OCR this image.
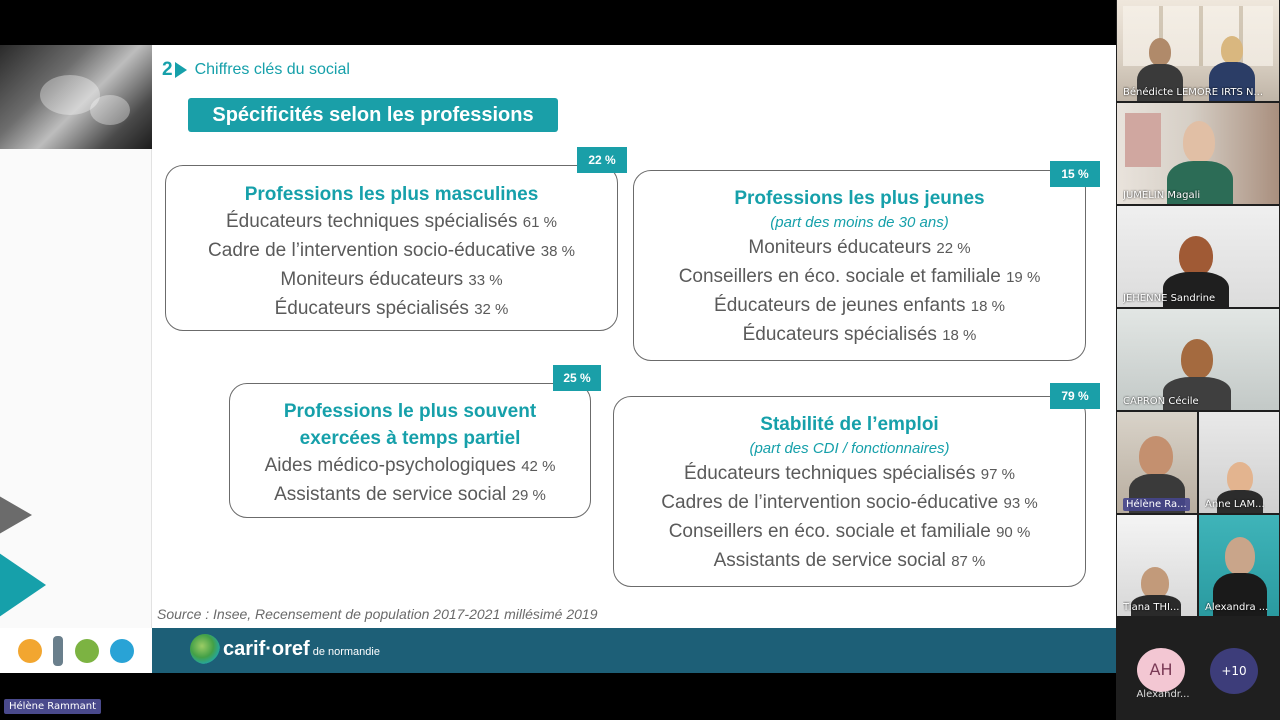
2 Chiffres clés du social
Spécificités selon les professions
Professions les plus masculines
Éducateurs techniques spécialisés 61 %
Cadre de l’intervention socio-éducative 38 %
Moniteurs éducateurs 33 %
Éducateurs spécialisés 32 %
22 %
Professions les plus jeunes
(part des moins de 30 ans)
Moniteurs éducateurs 22 %
Conseillers en éco. sociale et familiale 19 %
Éducateurs de jeunes enfants 18 %
Éducateurs spécialisés 18 %
15 %
Professions le plus souvent
exercées à temps partiel
Aides médico-psychologiques 42 %
Assistants de service social 29 %
25 %
Stabilité de l’emploi
(part des CDI / fonctionnaires)
Éducateurs techniques spécialisés 97 %
Cadres de l’intervention socio-éducative 93 %
Conseillers en éco. sociale et familiale 90 %
Assistants de service social 87 %
79 %
Source : Insee, Recensement de population 2017-2021 millésimé 2019
carif·oref de normandie
Hélène Rammant
Bénédicte LEMORE IRTS N...
JUMELIN Magali
JEHENNE Sandrine
CAPRON Cécile
Hélène Ra...	Anne LAM...
Tiana THI...	Alexandra ...
AH
Alexandr...
+10
